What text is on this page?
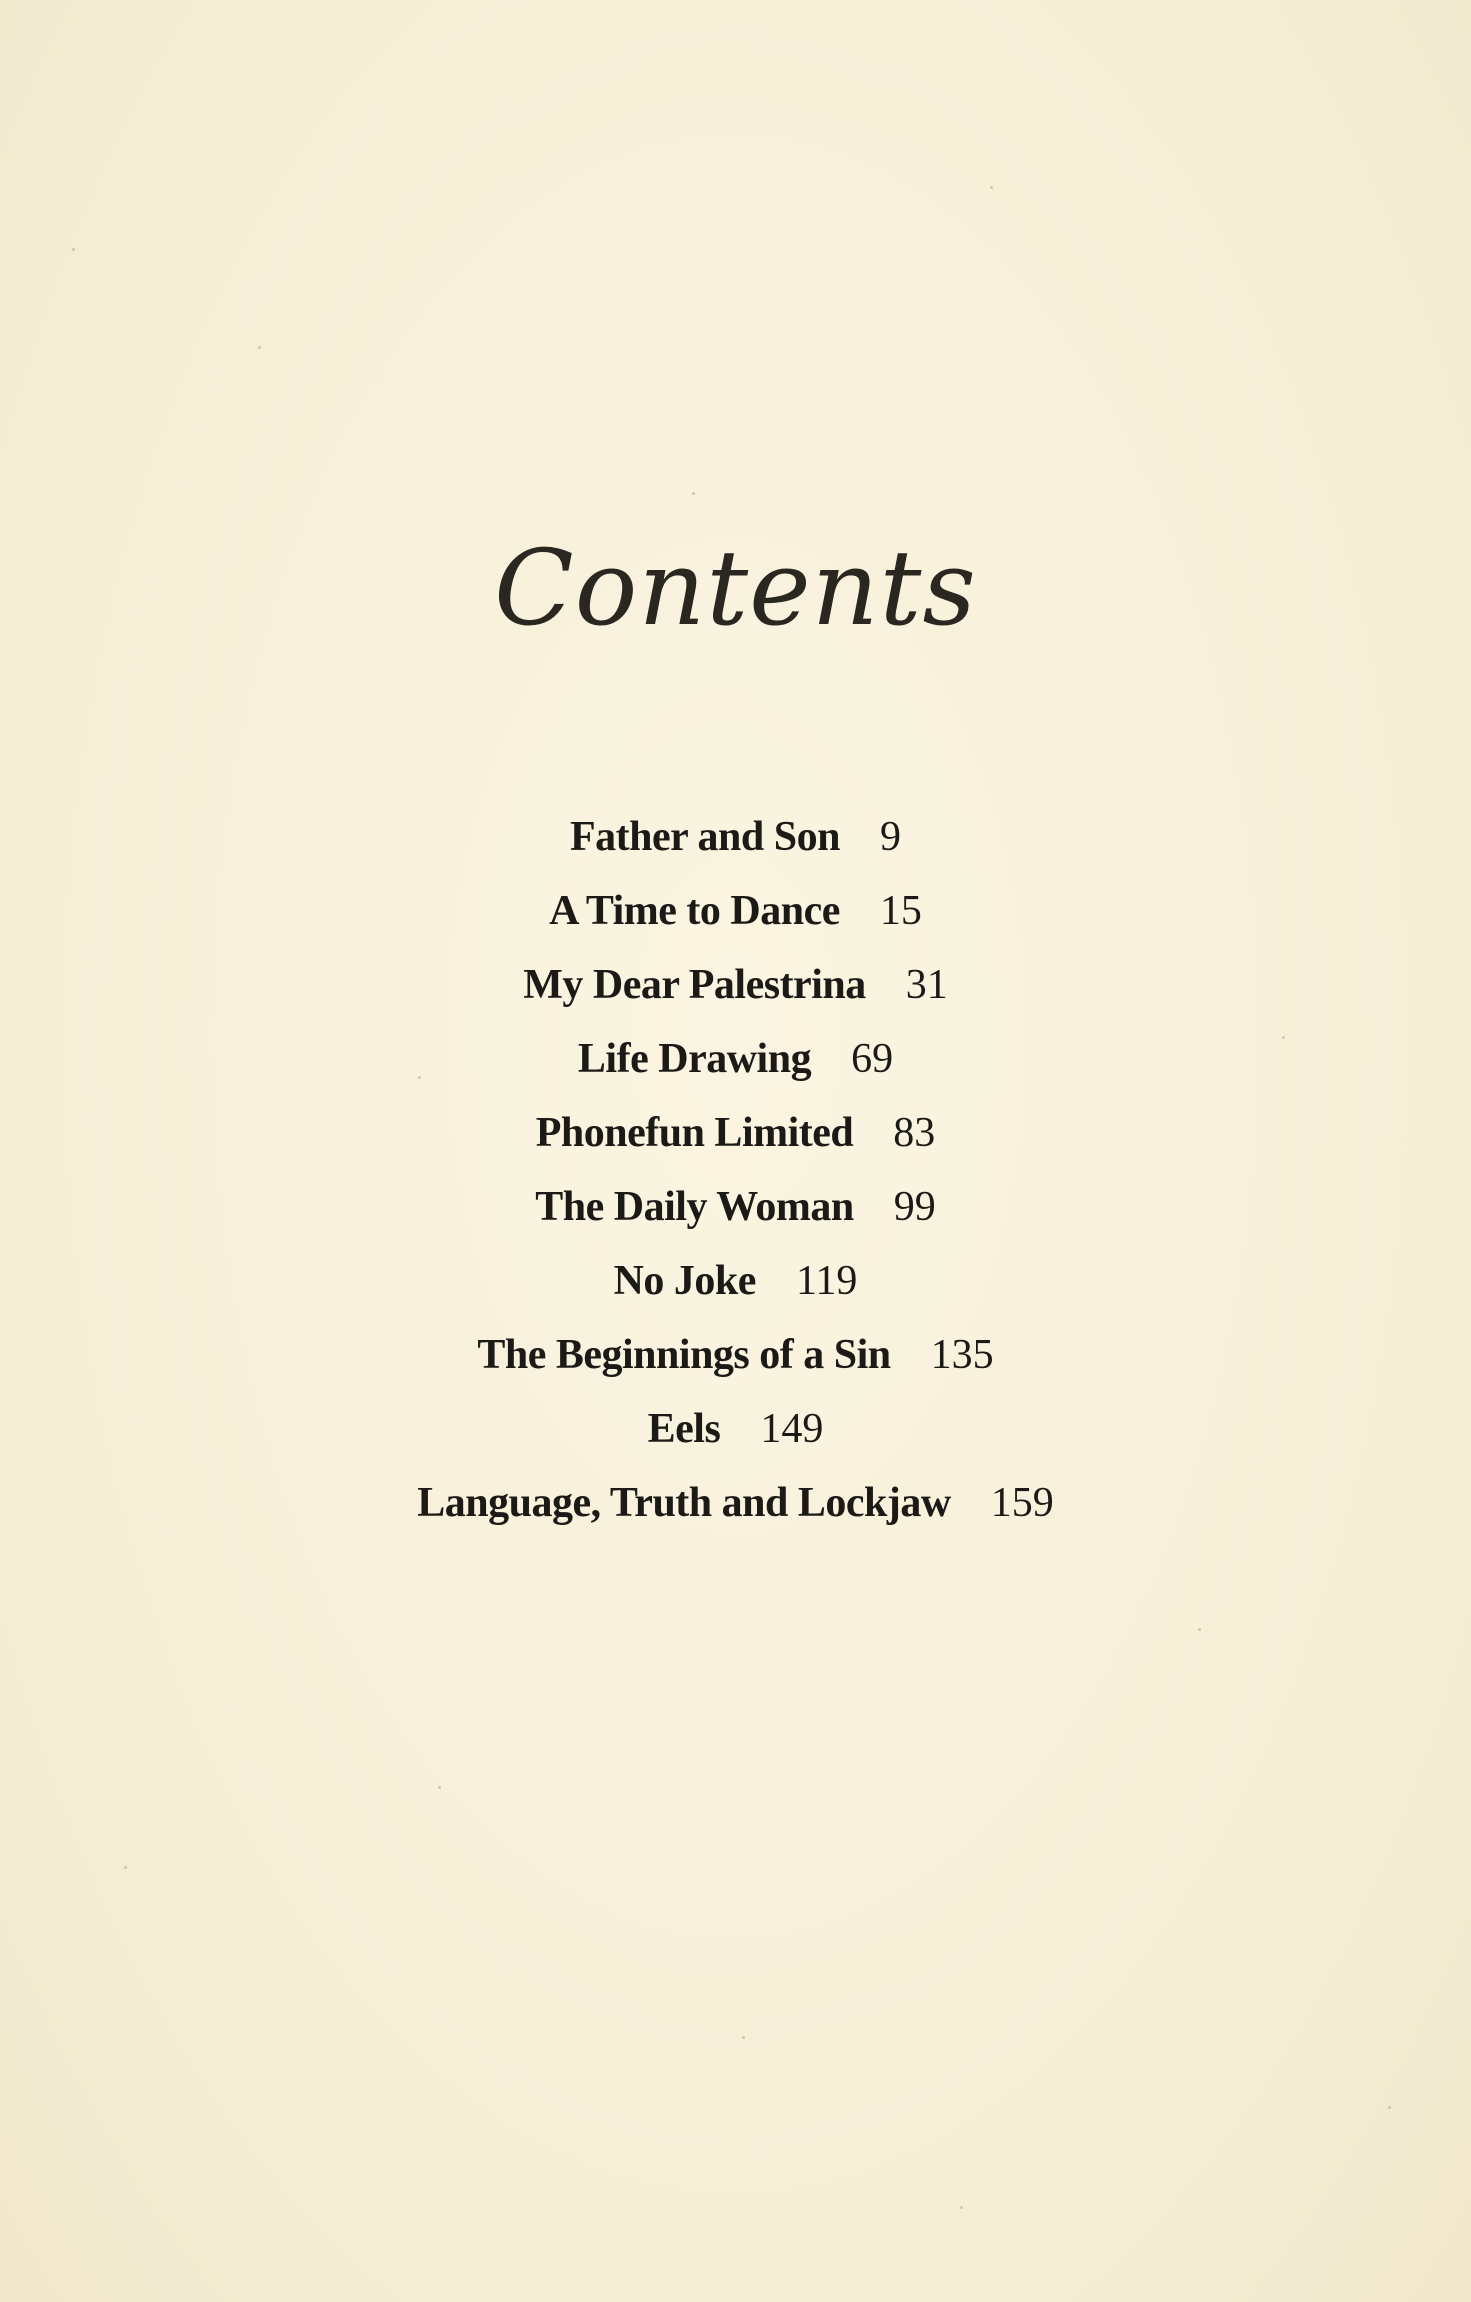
Contents
Father and Son 9
A Time to Dance 15
My Dear Palestrina 31
Life Drawing 69
Phonefun Limited 83
The Daily Woman 99
No Joke 119
The Beginnings of a Sin 135
Eels 149
Language, Truth and Lockjaw 159
